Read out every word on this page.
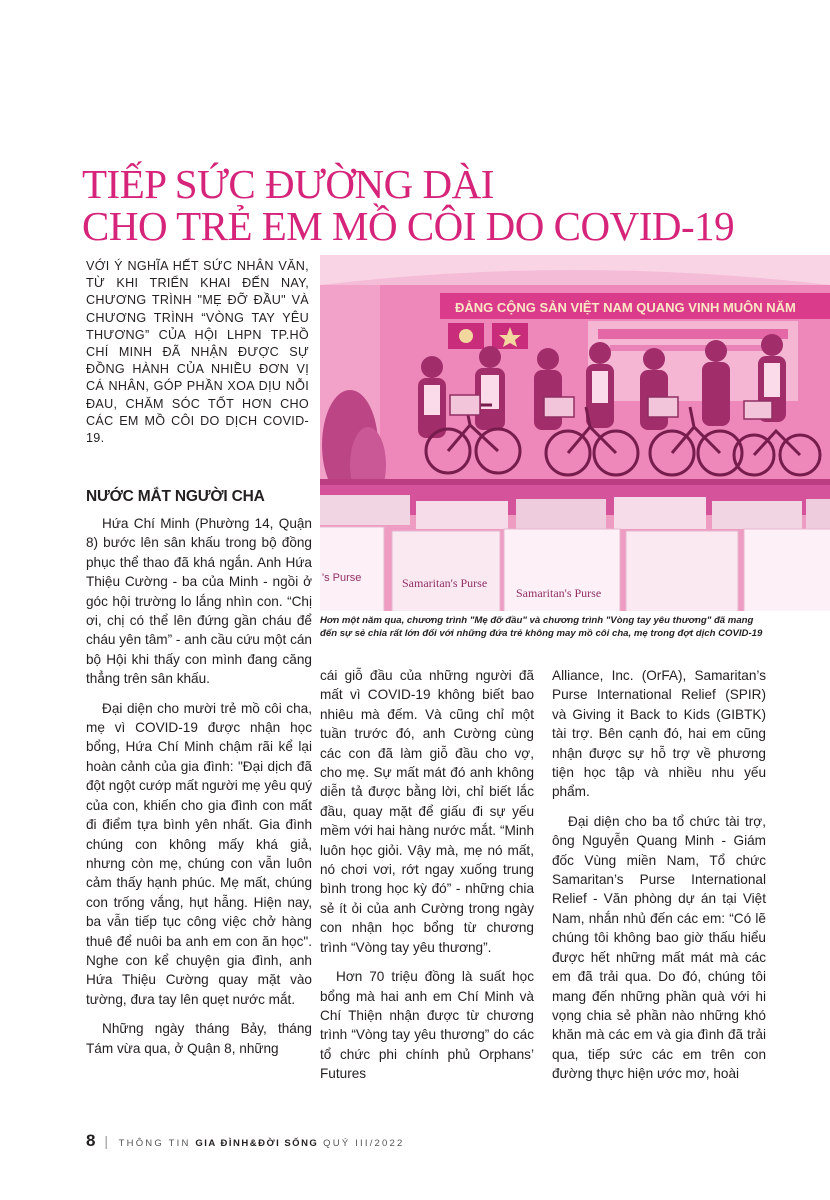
TIẾP SỨC ĐƯỜNG DÀI
CHO TRẺ EM MỒ CÔI DO COVID-19

VỚI Ý NGHĨA HẾT SỨC NHÂN VĂN, TỪ KHI TRIỂN KHAI ĐẾN NAY, CHƯƠNG TRÌNH "MẸ ĐỠ ĐẦU" VÀ CHƯƠNG TRÌNH “VÒNG TAY YÊU THƯƠNG” CỦA HỘI LHPN TP.HỒ CHÍ MINH ĐÃ NHẬN ĐƯỢC SỰ ĐỒNG HÀNH CỦA NHIỀU ĐƠN VỊ CÁ NHÂN, GÓP PHẦN XOA DỊU NỖI ĐAU, CHĂM SÓC TỐT HƠN CHO CÁC EM MỒ CÔI DO DỊCH COVID-19.

ĐẢNG CỘNG SẢN VIỆT NAM QUANG VINH MUÔN NĂM
's Purse	Samaritan's Purse
Samaritan's Purse

Hơn một năm qua, chương trình "Mẹ đỡ đầu" và chương trình "Vòng tay yêu thương" đã mang đến sự sẻ chia rất lớn đối với những đứa trẻ không may mồ côi cha, mẹ trong đợt dịch COVID-19

NƯỚC MẮT NGƯỜI CHA

Hứa Chí Minh (Phường 14, Quận 8) bước lên sân khấu trong bộ đồng phục thể thao đã khá ngắn. Anh Hứa Thiệu Cường - ba của Minh - ngồi ở góc hội trường lo lắng nhìn con. “Chị ơi, chị có thể lên đứng gần cháu để cháu yên tâm” - anh cầu cứu một cán bộ Hội khi thấy con mình đang căng thẳng trên sân khấu.

Đại diện cho mười trẻ mồ côi cha, mẹ vì COVID-19 được nhận học bổng, Hứa Chí Minh chậm rãi kể lại hoàn cảnh của gia đình: "Đại dịch đã đột ngột cướp mất người mẹ yêu quý của con, khiến cho gia đình con mất đi điểm tựa bình yên nhất. Gia đình chúng con không mấy khá giả, nhưng còn mẹ, chúng con vẫn luôn cảm thấy hạnh phúc. Mẹ mất, chúng con trống vắng, hụt hẫng. Hiện nay, ba vẫn tiếp tục công việc chở hàng thuê để nuôi ba anh em con ăn học". Nghe con kể chuyện gia đình, anh Hứa Thiệu Cường quay mặt vào tường, đưa tay lên quẹt nước mắt.

Những ngày tháng Bảy, tháng Tám vừa qua, ở Quận 8, những

cái giỗ đầu của những người đã mất vì COVID-19 không biết bao nhiêu mà đếm. Và cũng chỉ một tuần trước đó, anh Cường cùng các con đã làm giỗ đầu cho vợ, cho mẹ. Sự mất mát đó anh không diễn tả được bằng lời, chỉ biết lắc đầu, quay mặt để giấu đi sự yếu mềm với hai hàng nước mắt. “Minh luôn học giỏi. Vậy mà, mẹ nó mất, nó chơi vơi, rớt ngay xuống trung bình trong học kỳ đó” - những chia sẻ ít ỏi của anh Cường trong ngày con nhận học bổng từ chương trình “Vòng tay yêu thương”.

Hơn 70 triệu đồng là suất học bổng mà hai anh em Chí Minh và Chí Thiện nhận được từ chương trình “Vòng tay yêu thương” do các tổ chức phi chính phủ Orphans’ Futures

Alliance, Inc. (OrFA), Samaritan’s Purse International Relief (SPIR) và Giving it Back to Kids (GIBTK) tài trợ. Bên cạnh đó, hai em cũng nhận được sự hỗ trợ về phương tiện học tập và nhiều nhu yếu phẩm.

Đại diện cho ba tổ chức tài trợ, ông Nguyễn Quang Minh - Giám đốc Vùng miền Nam, Tổ chức Samaritan’s Purse International Relief - Văn phòng dự án tại Việt Nam, nhắn nhủ đến các em: “Có lẽ chúng tôi không bao giờ thấu hiểu được hết những mất mát mà các em đã trải qua. Do đó, chúng tôi mang đến những phần quà với hi vọng chia sẻ phần nào những khó khăn mà các em và gia đình đã trải qua, tiếp sức các em trên con đường thực hiện ước mơ, hoài

8 | THÔNG TIN GIA ĐÌNH&ĐỜI SỐNG QUÝ III/2022
